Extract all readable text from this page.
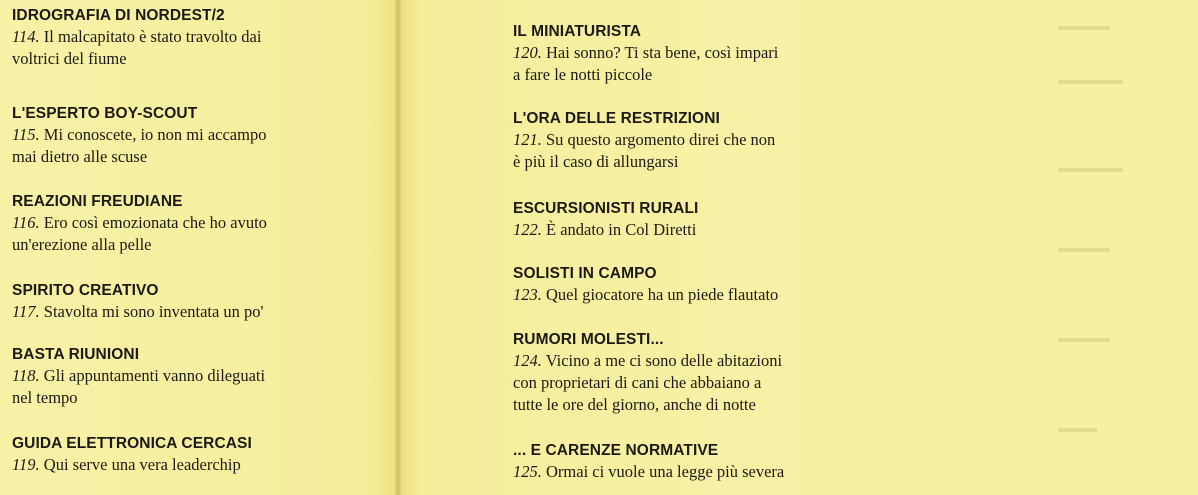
IDROGRAFIA DI NORDEST/2
114. Il malcapitato è stato travolto dai
voltrici del fiume
L'ESPERTO BOY-SCOUT
115. Mi conoscete, io non mi accampo
mai dietro alle scuse
REAZIONI FREUDIANE
116. Ero così emozionata che ho avuto
un'erezione alla pelle
SPIRITO CREATIVO
117. Stavolta mi sono inventata un po'
BASTA RIUNIONI
118. Gli appuntamenti vanno dileguati
nel tempo
GUIDA ELETTRONICA CERCASI
119. Qui serve una vera leaderchip
▬▬▬▬
▬▬▬▬▬
▬▬▬▬▬
▬▬▬▬
▬▬▬▬
▬▬▬
IL MINIATURISTA
120. Hai sonno? Ti sta bene, così impari
a fare le notti piccole
L'ORA DELLE RESTRIZIONI
121. Su questo argomento direi che non
è più il caso di allungarsi
ESCURSIONISTI RURALI
122. È andato in Col Diretti
SOLISTI IN CAMPO
123. Quel giocatore ha un piede flautato
RUMORI MOLESTI...
124. Vicino a me ci sono delle abitazioni
con proprietari di cani che abbaiano a
tutte le ore del giorno, anche di notte
... E CARENZE NORMATIVE
125. Ormai ci vuole una legge più severa
